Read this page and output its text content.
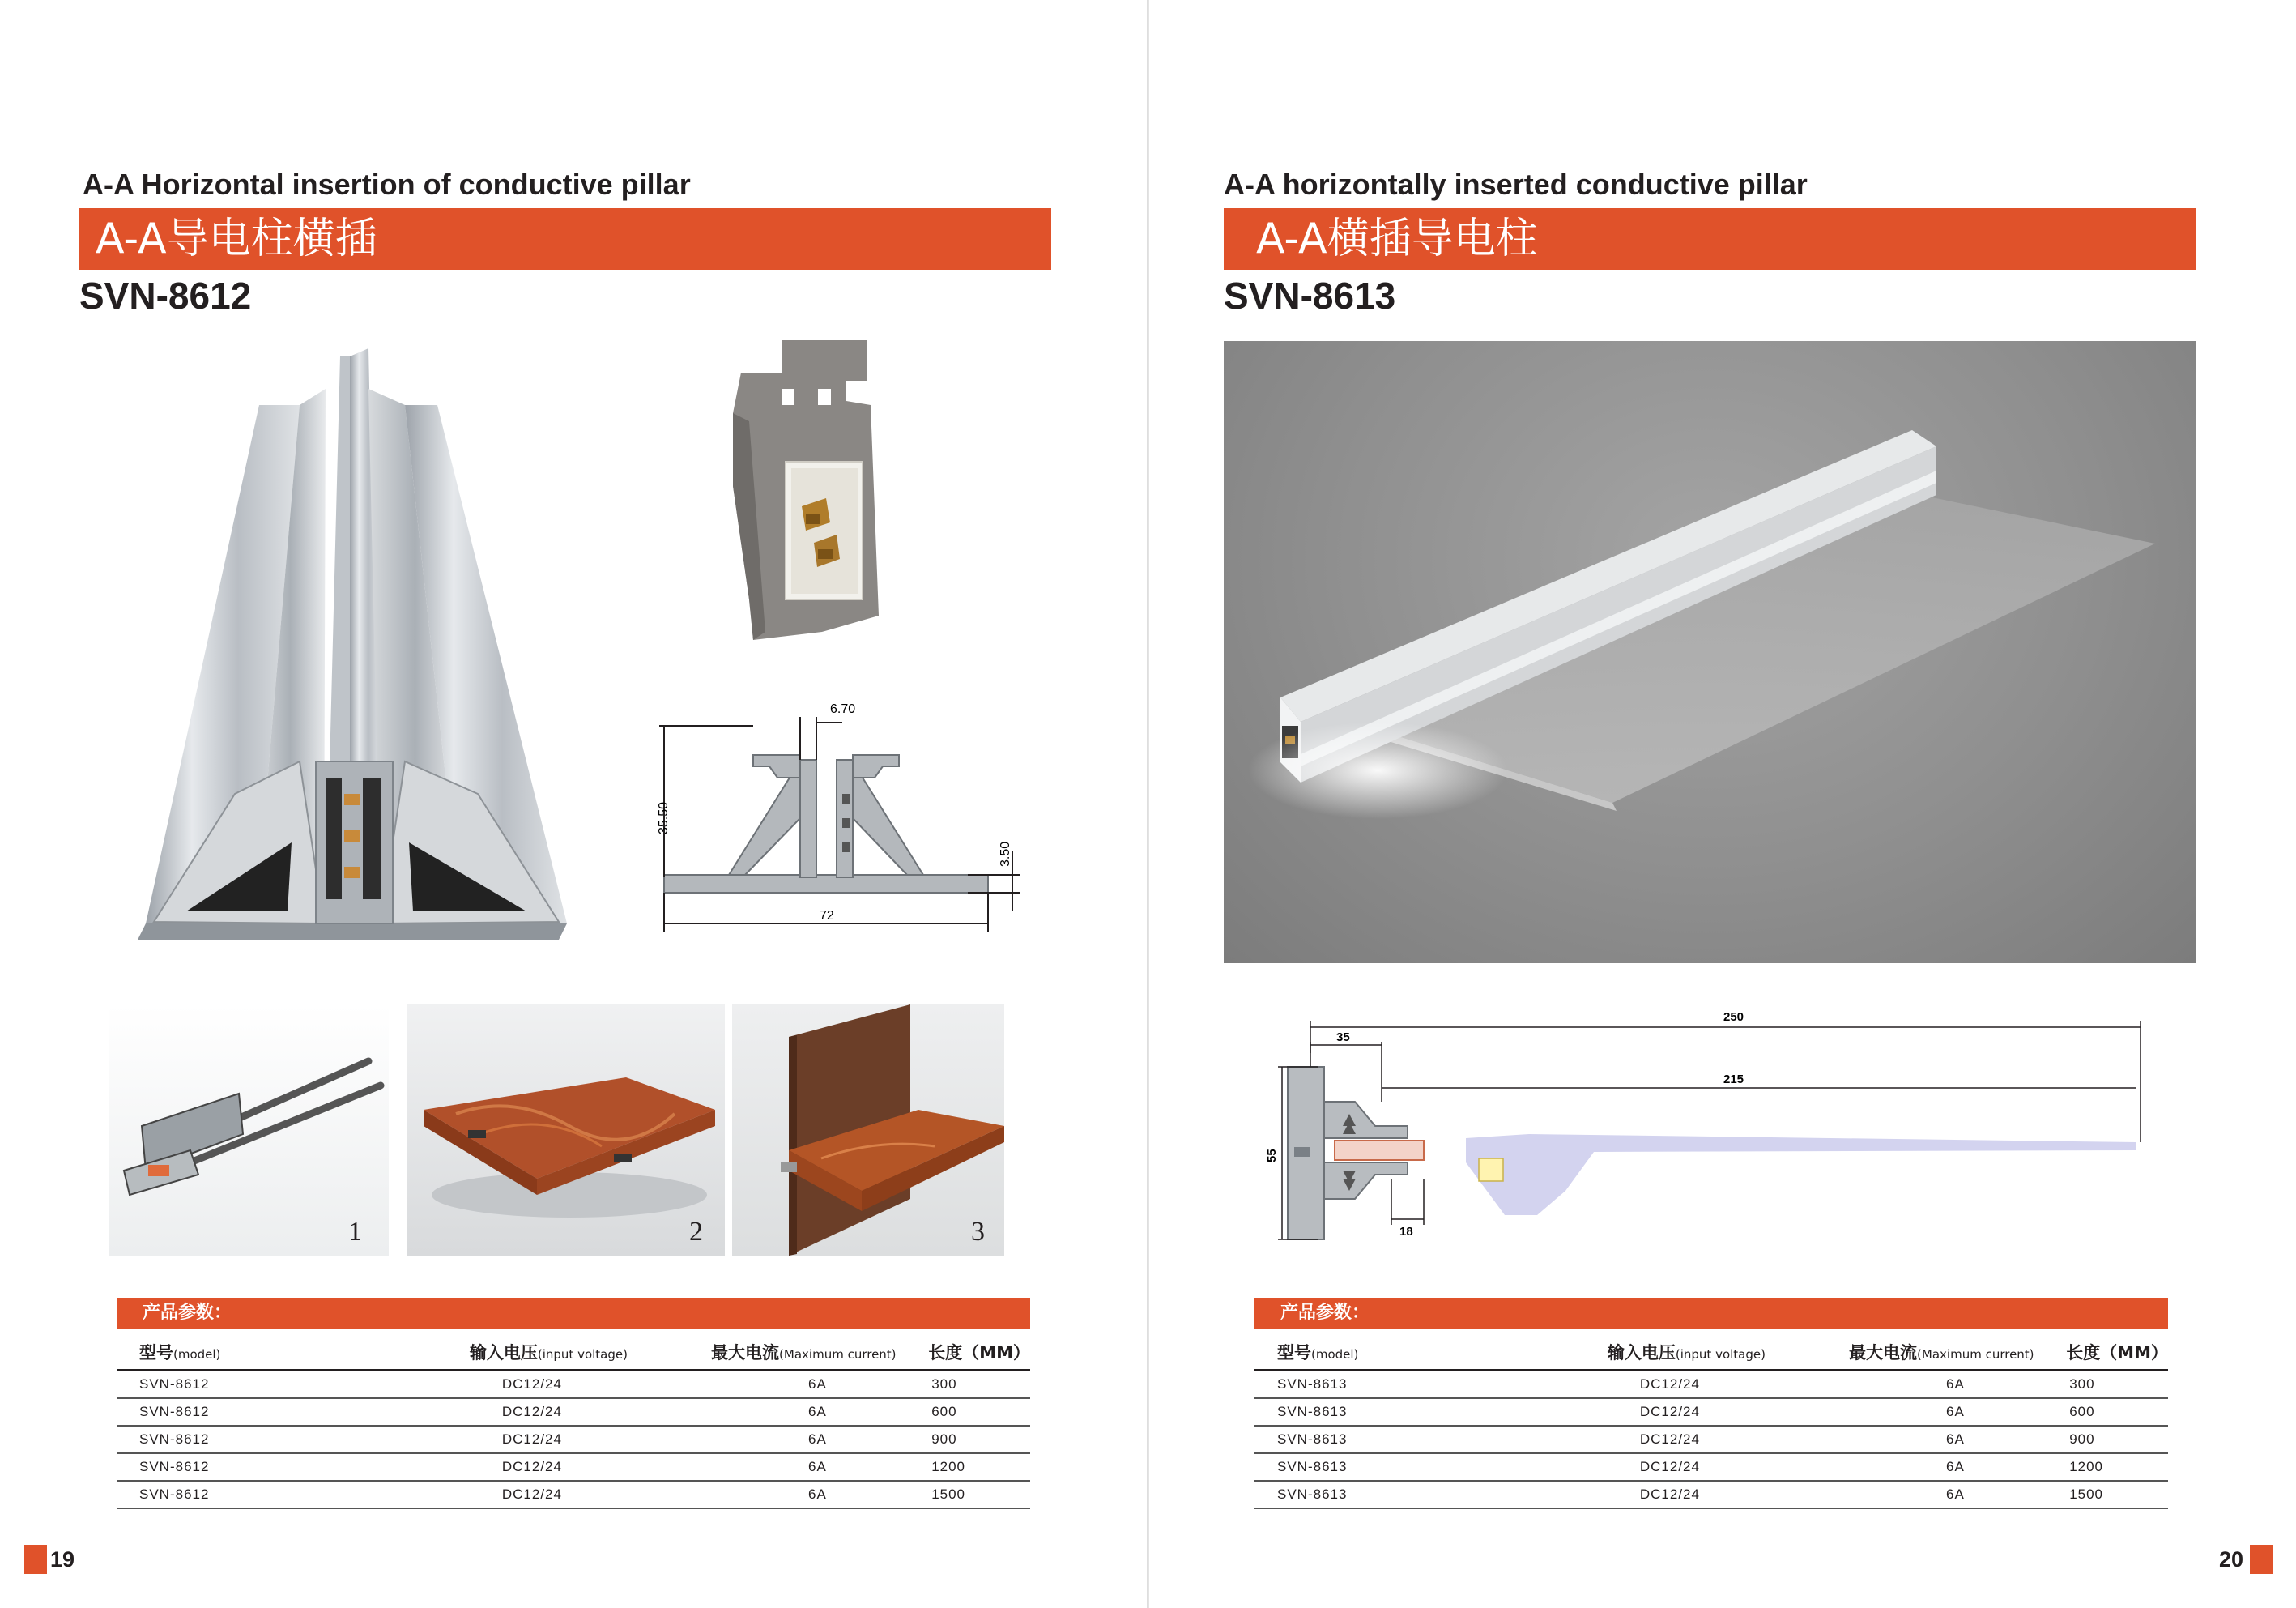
A-A Horizontal insertion of conductive pillar
A-A导电柱横插
SVN-8612
6.70
35.50
3.50
72
1	2	3
产品参数：
型号(model)	输入电压(input voltage)	最大电流(Maximum current)	长度（MM）
SVN-8612	DC12/24	6A	300
SVN-8612	DC12/24	6A	600
SVN-8612	DC12/24	6A	900
SVN-8612	DC12/24	6A	1200
SVN-8612	DC12/24	6A	1500
19
A-A horizontally inserted conductive pillar
A-A横插导电柱
SVN-8613
250
215
35
55
18
产品参数：
型号(model)	输入电压(input voltage)	最大电流(Maximum current)	长度（MM）
SVN-8613	DC12/24	6A	300
SVN-8613	DC12/24	6A	600
SVN-8613	DC12/24	6A	900
SVN-8613	DC12/24	6A	1200
SVN-8613	DC12/24	6A	1500
20
